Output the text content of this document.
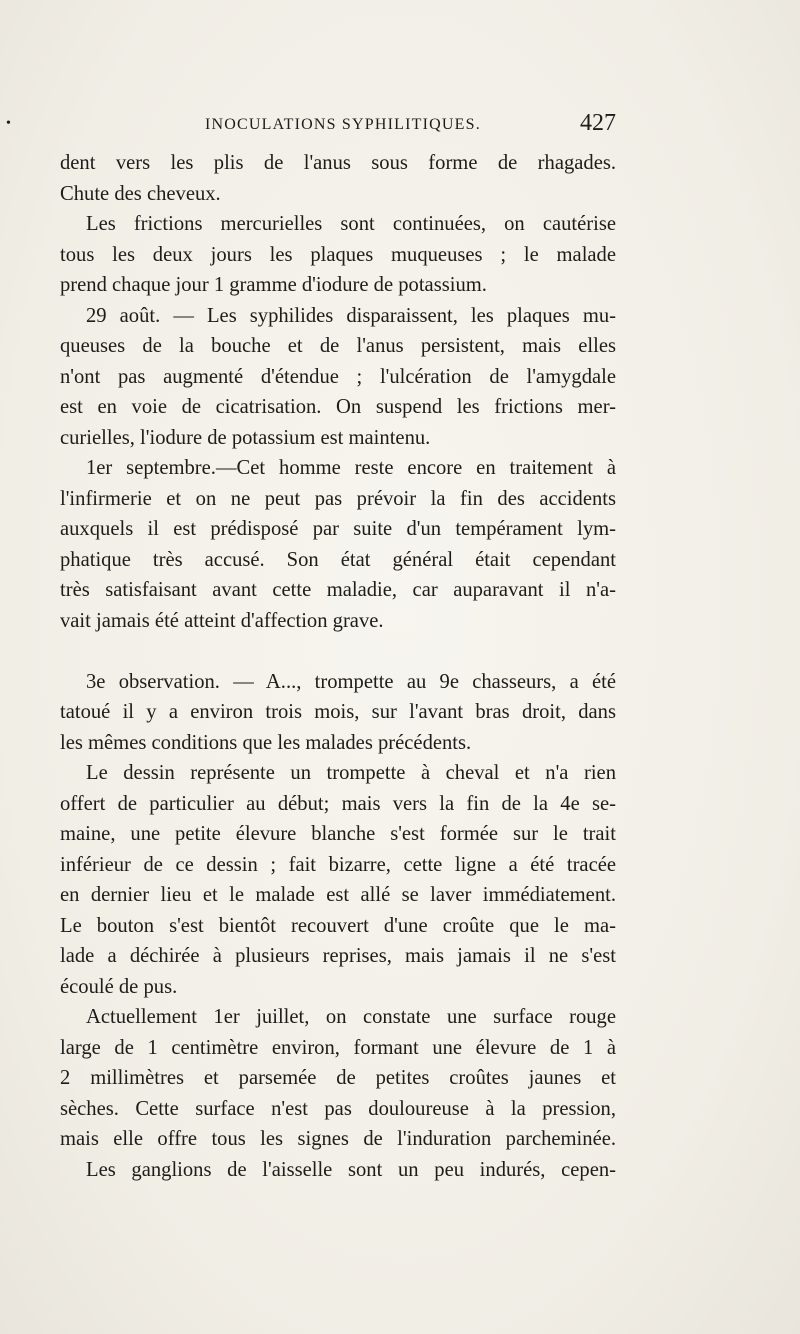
•	INOCULATIONS SYPHILITIQUES.	427
dent vers les plis de l'anus sous forme de rhagades.
Chute des cheveux.
Les frictions mercurielles sont continuées, on cautérise
tous les deux jours les plaques muqueuses ; le malade
prend chaque jour 1 gramme d'iodure de potassium.
29 août. — Les syphilides disparaissent, les plaques mu-
queuses de la bouche et de l'anus persistent, mais elles
n'ont pas augmenté d'étendue ; l'ulcération de l'amygdale
est en voie de cicatrisation. On suspend les frictions mer-
curielles, l'iodure de potassium est maintenu.
1er septembre.—Cet homme reste encore en traitement à
l'infirmerie et on ne peut pas prévoir la fin des accidents
auxquels il est prédisposé par suite d'un tempérament lym-
phatique très accusé. Son état général était cependant
très satisfaisant avant cette maladie, car auparavant il n'a-
vait jamais été atteint d'affection grave.
3e observation. — A..., trompette au 9e chasseurs, a été
tatoué il y a environ trois mois, sur l'avant bras droit, dans
les mêmes conditions que les malades précédents.
Le dessin représente un trompette à cheval et n'a rien
offert de particulier au début; mais vers la fin de la 4e se-
maine, une petite élevure blanche s'est formée sur le trait
inférieur de ce dessin ; fait bizarre, cette ligne a été tracée
en dernier lieu et le malade est allé se laver immédiatement.
Le bouton s'est bientôt recouvert d'une croûte que le ma-
lade a déchirée à plusieurs reprises, mais jamais il ne s'est
écoulé de pus.
Actuellement 1er juillet, on constate une surface rouge
large de 1 centimètre environ, formant une élevure de 1 à
2 millimètres et parsemée de petites croûtes jaunes et
sèches. Cette surface n'est pas douloureuse à la pression,
mais elle offre tous les signes de l'induration parcheminée.
Les ganglions de l'aisselle sont un peu indurés, cepen-
